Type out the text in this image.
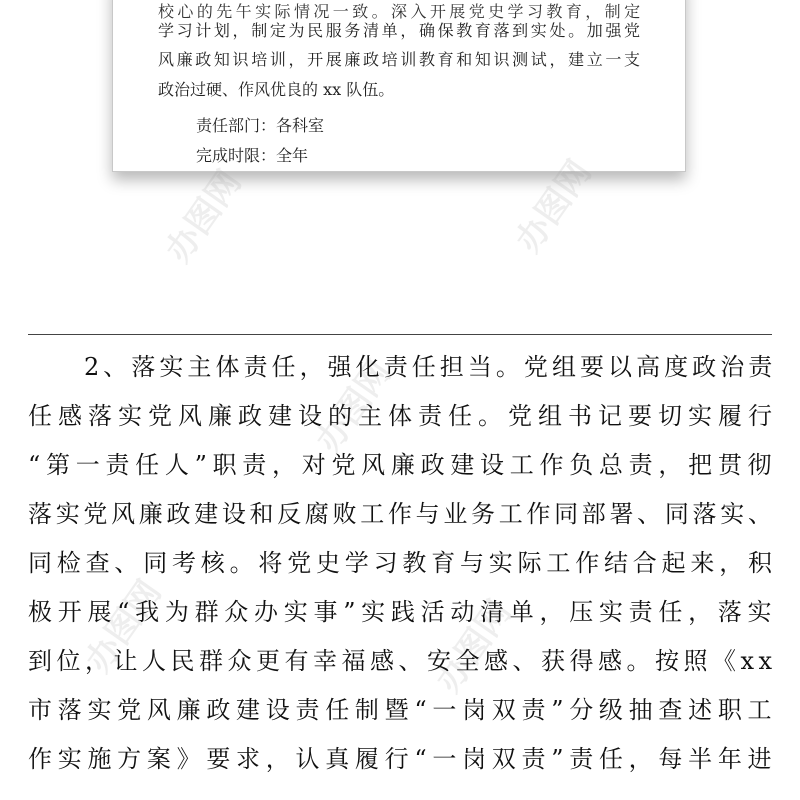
校心的先午实际情况一致。深入开展党史学习教育，制定
学习计划，制定为民服务清单，确保教育落到实处。加强党
风廉政知识培训，开展廉政培训教育和知识测试，建立一支
政治过硬、作风优良的 xx 队伍。
责任部门：各科室
完成时限：全年
办图网	办图网
办图网
办图网	办图网
2、落实主体责任，强化责任担当。党组要以高度政治责
任感落实党风廉政建设的主体责任。党组书记要切实履行
“第一责任人”职责，对党风廉政建设工作负总责，把贯彻
落实党风廉政建设和反腐败工作与业务工作同部署、同落实、
同检查、同考核。将党史学习教育与实际工作结合起来，积
极开展“我为群众办实事”实践活动清单，压实责任，落实
到位，让人民群众更有幸福感、安全感、获得感。按照《xx
市落实党风廉政建设责任制暨“一岗双责”分级抽查述职工
作实施方案》要求，认真履行“一岗双责”责任，每半年进
